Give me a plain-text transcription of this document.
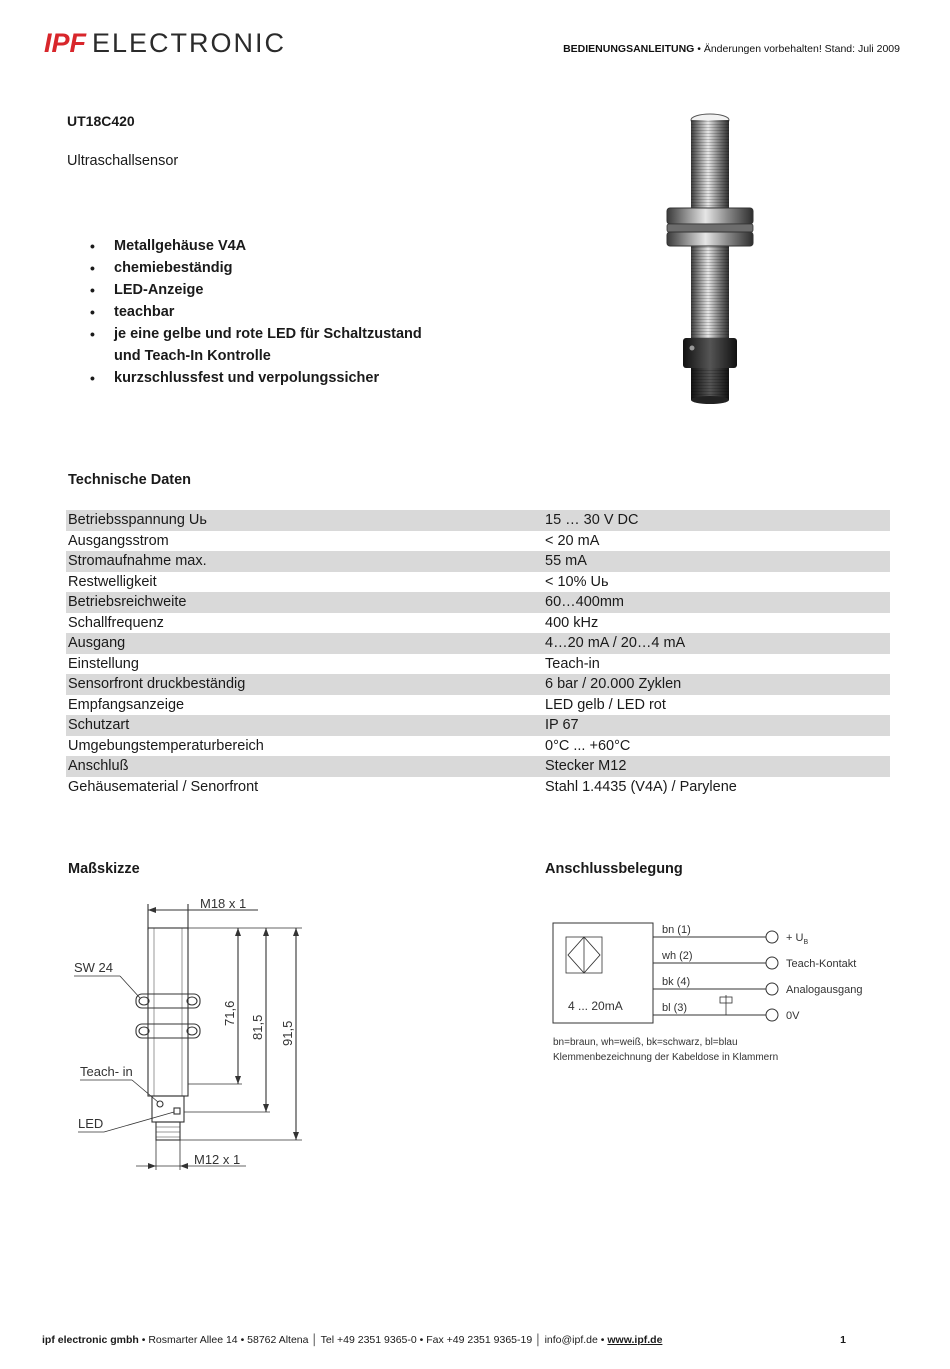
IPF ELECTRONIC	BEDIENUNGSANLEITUNG • Änderungen vorbehalten! Stand: Juli 2009
UT18C420
Ultraschallsensor
• Metallgehäuse V4A
• chemiebeständig
• LED-Anzeige
• teachbar
• je eine gelbe und rote LED für Schaltzustand und Teach-In Kontrolle
• kurzschlussfest und verpolungssicher
Technische Daten
Betriebsspannung Uь	15 … 30 V DC
Ausgangsstrom	< 20 mA
Stromaufnahme max.	55 mA
Restwelligkeit	< 10% Uь
Betriebsreichweite	60…400mm
Schallfrequenz	400 kHz
Ausgang	4…20 mA / 20…4 mA
Einstellung	Teach-in
Sensorfront druckbeständig	6 bar / 20.000 Zyklen
Empfangsanzeige	LED gelb / LED rot
Schutzart	IP 67
Umgebungstemperaturbereich	0°C ... +60°C
Anschluß	Stecker M12
Gehäusematerial / Senorfront	Stahl 1.4435 (V4A) / Parylene
Maßskizze	Anschlussbelegung
M18 x 1
71,6
81,5 91,5
SW 24
Teach- in
LED
M12 x 1
4 ... 20mA
bn (1)
wh (2)
bk (4)
bl (3)
+ $U_B$
Teach-Kontakt
Analogausgang
0V
bn=braun, wh=weiß, bk=schwarz, bl=blau
Klemmenbezeichnung der Kabeldose in Klammern
ipf electronic gmbh • Rosmarter Allee 14 • 58762 Altena │ Tel +49 2351 9365-0 • Fax +49 2351 9365-19 │ info@ipf.de • www.ipf.de	1
